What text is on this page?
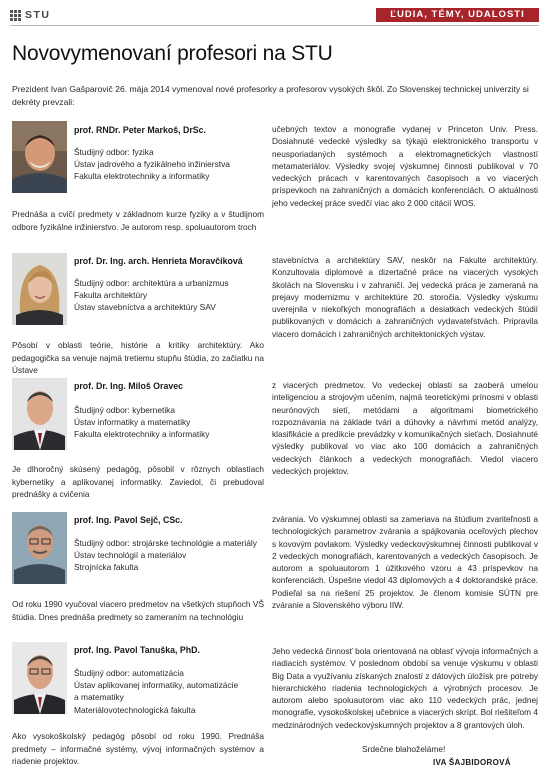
STU	ĽUDIA, TÉMY, UDALOSTI
Novovymenovaní profesori na STU
Prezident Ivan Gašparovič 26. mája 2014 vymenoval nové profesorky a profesorov vysokých škôl. Zo Slovenskej technickej univerzity si dekréty prevzali:
prof. RNDr. Peter Markoš, DrSc.
Študijný odbor: fyzika
Ústav jadrového a fyzikálneho inžinierstva
Fakulta elektrotechniky a informatiky
Prednáša a cvičí predmety v základnom kurze fyziky a v študijnom odbore fyzikálne inžinierstvo. Je autorom resp. spoluautorom troch
učebných textov a monografie vydanej v Princeton Univ. Press. Dosiahnuté vedecké výsledky sa týkajú elektronického transportu v neusporiadaných systémoch a elektromagnetických vlastností metamateriálov. Výsledky svojej výskumnej činnosti publikoval v 70 vedeckých prácach v karentovaných časopisoch a vo viacerých príspevkoch na zahraničných a domácich konferenciách. O aktuálnosti jeho vedeckej práce svedčí viac ako 2 000 citácií WOS.
prof. Dr. Ing. arch. Henrieta Moravčíková
Študijný odbor: architektúra a urbanizmus
Fakulta architektúry
Ústav stavebníctva a architektúry SAV
Pôsobí v oblasti teórie, histórie a kritiky architektúry. Ako pedagogička sa venuje najmä tretiemu stupňu štúdia, zo začiatku na Ústave
stavebníctva a architektúry SAV, neskôr na Fakulte architektúry. Konzultovala diplomové a dizertačné práce na viacerých vysokých školách na Slovensku i v zahraničí. Jej vedecká práca je zameraná na prejavy modernizmu v architektúre 20. storočia. Výsledky výskumu uverejnila v niekoľkých monografiách a desiatkach vedeckých štúdií publikovaných v domácich a zahraničných vydavateľstvách. Pripravila viacero domácich i zahraničných architektonických výstav.
prof. Dr. Ing. Miloš Oravec
Študijný odbor: kybernetika
Ústav informatiky a matematiky
Fakulta elektrotechniky a informatiky
Je dlhoročný skúsený pedagóg, pôsobil v rôznych oblastiach kybernetiky a aplikovanej informatiky. Zaviedol, či prebudoval prednášky a cvičenia
z viacerých predmetov. Vo vedeckej oblasti sa zaoberá umelou inteligenciou a strojovým učením, najmä teoretickými prínosmi v oblasti neurónových sietí, metódami a algoritmami biometrického rozpoznávania na základe tvári a dúhovky a návrhmi metód analýzy, klasifikácie a predikcie prevádzky v komunikačných sieťach. Dosiahnuté výsledky publikoval vo viac ako 100 domácich a zahraničných vedeckých článkoch a vedeckých monografiách. Viedol viacero vedeckých projektov.
prof. Ing. Pavol Sejč, CSc.
Študijný odbor: strojárske technológie a materiály
Ústav technológií a materiálov
Strojnícka fakulta
Od roku 1990 vyučoval viacero predmetov na všetkých stupňoch VŠ štúdia. Dnes prednáša predmety so zameraním na technológiu
zvárania. Vo výskumnej oblasti sa zameriava na štúdium zvariteľnosti a technologických parametrov zvárania a spájkovania oceľových plechov s kovovým povlakom. Výsledky vedeckovýskumnej činnosti publikoval v 2 vedeckých monografiách, karentovaných a vedeckých časopisoch. Je autorom a spoluautorom 1 úžitkového vzoru a 43 príspevkov na konferenciách. Úspešne viedol 43 diplomových a 4 doktorandské práce. Podieľal sa na riešení 25 projektov. Je členom komisie SÚTN pre zváranie a Slovenského výboru IIW.
prof. Ing. Pavol Tanuška, PhD.
Študijný odbor: automatizácia
Ústav aplikovanej informatiky, automatizácie
a matematiky
Materiálovotechnologická fakulta
Ako vysokoškolský pedagóg pôsobí od roku 1990. Prednáša predmety – informačné systémy, vývoj informačných systémov a riadenie projektov.
Jeho vedecká činnosť bola orientovaná na oblasť vývoja informačných a riadiacich systémov. V poslednom období sa venuje výskumu v oblasti Big Data a využívaniu získaných znalostí z dátových úložísk pre potreby hierarchického riadenia technologických a výrobných procesov. Je autorom alebo spoluautorom viac ako 110 vedeckých prác, jednej monografie, vysokoškolskej učebnice a viacerých skrípt. Bol riešiteľom 4 medzinárodných vedeckovýskumných projektov a 8 grantových úloh.
Srdečne blahoželáme!
IVA ŠAJBIDOROVÁ
